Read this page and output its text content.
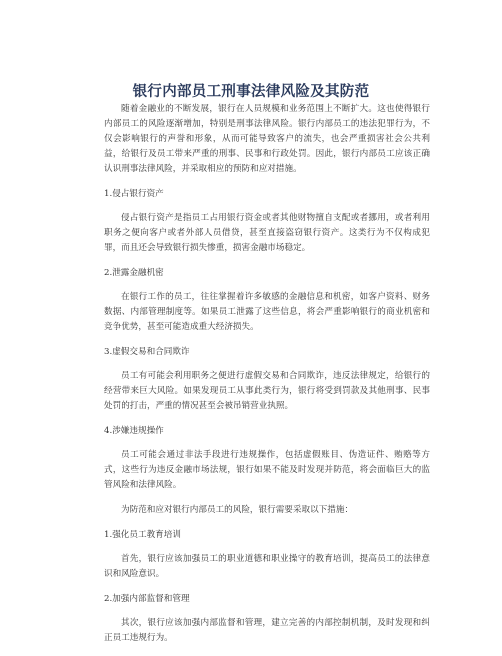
银行内部员工刑事法律风险及其防范

随着金融业的不断发展，银行在人员规模和业务范围上不断扩大。这也使得银行内部员工的风险逐渐增加，特别是刑事法律风险。银行内部员工的违法犯罪行为，不仅会影响银行的声誉和形象，从而可能导致客户的流失，也会严重损害社会公共利益，给银行及员工带来严重的刑事、民事和行政处罚。因此，银行内部员工应该正确认识刑事法律风险，并采取相应的预防和应对措施。

1.侵占银行资产

侵占银行资产是指员工占用银行资金或者其他财物擅自支配或者挪用，或者利用职务之便向客户或者外部人员借贷，甚至直接盗窃银行资产。这类行为不仅构成犯罪，而且还会导致银行损失惨重，损害金融市场稳定。

2.泄露金融机密

在银行工作的员工，往往掌握着许多敏感的金融信息和机密，如客户资料、财务数据、内部管理制度等。如果员工泄露了这些信息，将会严重影响银行的商业机密和竞争优势，甚至可能造成重大经济损失。

3.虚假交易和合同欺诈

员工有可能会利用职务之便进行虚假交易和合同欺诈，违反法律规定，给银行的经营带来巨大风险。如果发现员工从事此类行为，银行将受到罚款及其他刑事、民事处罚的打击，严重的情况甚至会被吊销营业执照。

4.涉嫌违规操作

员工可能会通过非法手段进行违规操作，包括虚假账目、伪造证件、贿赂等方式，这些行为违反金融市场法规，银行如果不能及时发现并防范，将会面临巨大的监管风险和法律风险。

为防范和应对银行内部员工的风险，银行需要采取以下措施：

1.强化员工教育培训

首先，银行应该加强员工的职业道德和职业操守的教育培训，提高员工的法律意识和风险意识。

2.加强内部监督和管理

其次，银行应该加强内部监督和管理，建立完善的内部控制机制，及时发现和纠正员工违规行为。
